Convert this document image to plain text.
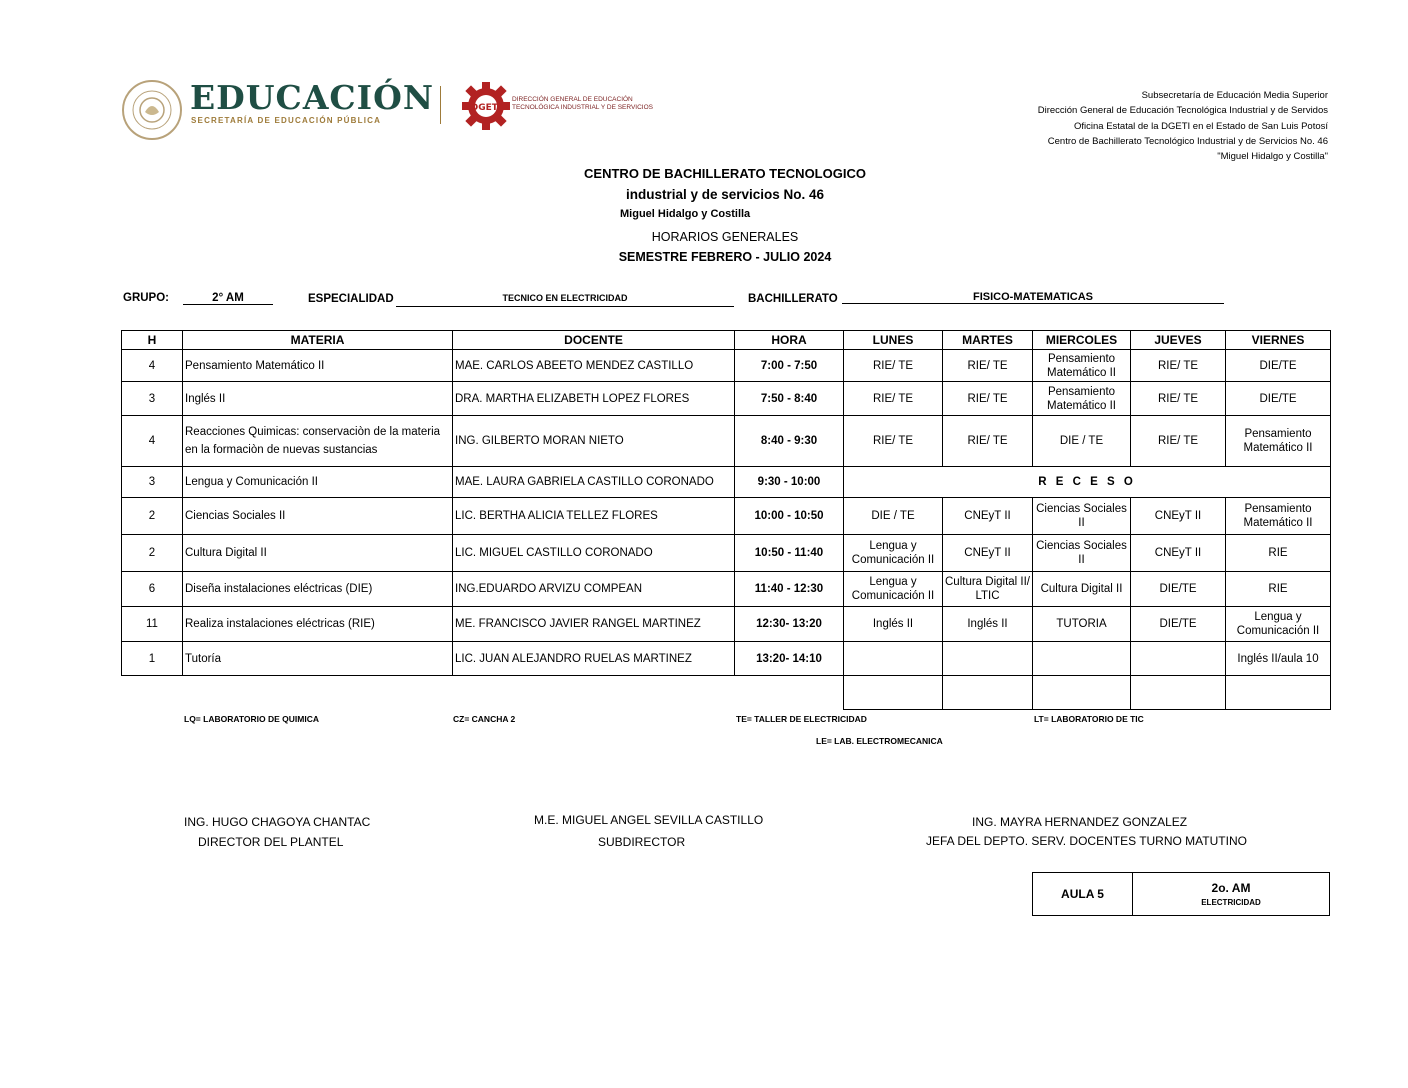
EDUCACIÓN
SECRETARÍA DE EDUCACIÓN PÚBLICA
DGETI
DIRECCIÓN GENERAL DE EDUCACIÓN
TECNOLÓGICA INDUSTRIAL Y DE SERVICIOS
Subsecretaría de Educación Media Superior
Dirección General de Educación Tecnológica Industrial y de Servidos
Oficina Estatal de la DGETI en el Estado de San Luis Potosí
Centro de Bachillerato Tecnológico Industrial y de Servicios No. 46
"Miguel Hidalgo y Costilla"
CENTRO DE BACHILLERATO TECNOLOGICO
industrial y de servicios No. 46
Miguel Hidalgo y Costilla
HORARIOS GENERALES
SEMESTRE FEBRERO - JULIO 2024
GRUPO:	2° AM	ESPECIALIDAD	TECNICO EN ELECTRICIDAD	BACHILLERATO	FISICO-MATEMATICAS
H	MATERIA	DOCENTE	HORA	LUNES	MARTES	MIERCOLES	JUEVES	VIERNES
4	Pensamiento Matemático II	MAE. CARLOS ABEETO MENDEZ CASTILLO	7:00 - 7:50	RIE/ TE	RIE/ TE	Pensamiento Matemático II	RIE/ TE	DIE/TE
3	Inglés II	DRA. MARTHA ELIZABETH LOPEZ FLORES	7:50 - 8:40	RIE/ TE	RIE/ TE	Pensamiento Matemático II	RIE/ TE	DIE/TE
4	Reacciones Quimicas: conservaciòn de la materia en la formaciòn de nuevas sustancias	ING. GILBERTO MORAN NIETO	8:40 - 9:30	RIE/ TE	RIE/ TE	DIE / TE	RIE/ TE	Pensamiento Matemático II
3	Lengua y Comunicación II	MAE. LAURA GABRIELA CASTILLO CORONADO	9:30 - 10:00	R E C E S O				
2	Ciencias Sociales II	LIC. BERTHA ALICIA TELLEZ FLORES	10:00 - 10:50	DIE / TE	CNEyT II	Ciencias Sociales II	CNEyT II	Pensamiento Matemático II
2	Cultura Digital II	LIC. MIGUEL CASTILLO CORONADO	10:50 - 11:40	Lengua y Comunicación II	CNEyT II	Ciencias Sociales II	CNEyT II	RIE
6	Diseña instalaciones eléctricas (DIE)	ING.EDUARDO ARVIZU COMPEAN	11:40 - 12:30	Lengua y Comunicación II	Cultura Digital II/ LTIC	Cultura Digital II	DIE/TE	RIE
11	Realiza instalaciones eléctricas (RIE)	ME. FRANCISCO JAVIER RANGEL MARTINEZ	12:30- 13:20	Inglés II	Inglés II	TUTORIA	DIE/TE	Lengua y Comunicación II
1	Tutoría	LIC. JUAN ALEJANDRO RUELAS MARTINEZ	13:20- 14:10					Inglés II/aula 10

LQ= LABORATORIO DE QUIMICA	CZ= CANCHA 2	TE= TALLER DE ELECTRICIDAD	LT= LABORATORIO DE TIC
LE= LAB. ELECTROMECANICA
ING. HUGO CHAGOYA CHANTAC
DIRECTOR DEL PLANTEL
M.E. MIGUEL ANGEL SEVILLA CASTILLO
SUBDIRECTOR
ING. MAYRA HERNANDEZ GONZALEZ
JEFA DEL DEPTO. SERV. DOCENTES TURNO MATUTINO
AULA 5	2o. AM
ELECTRICIDAD
